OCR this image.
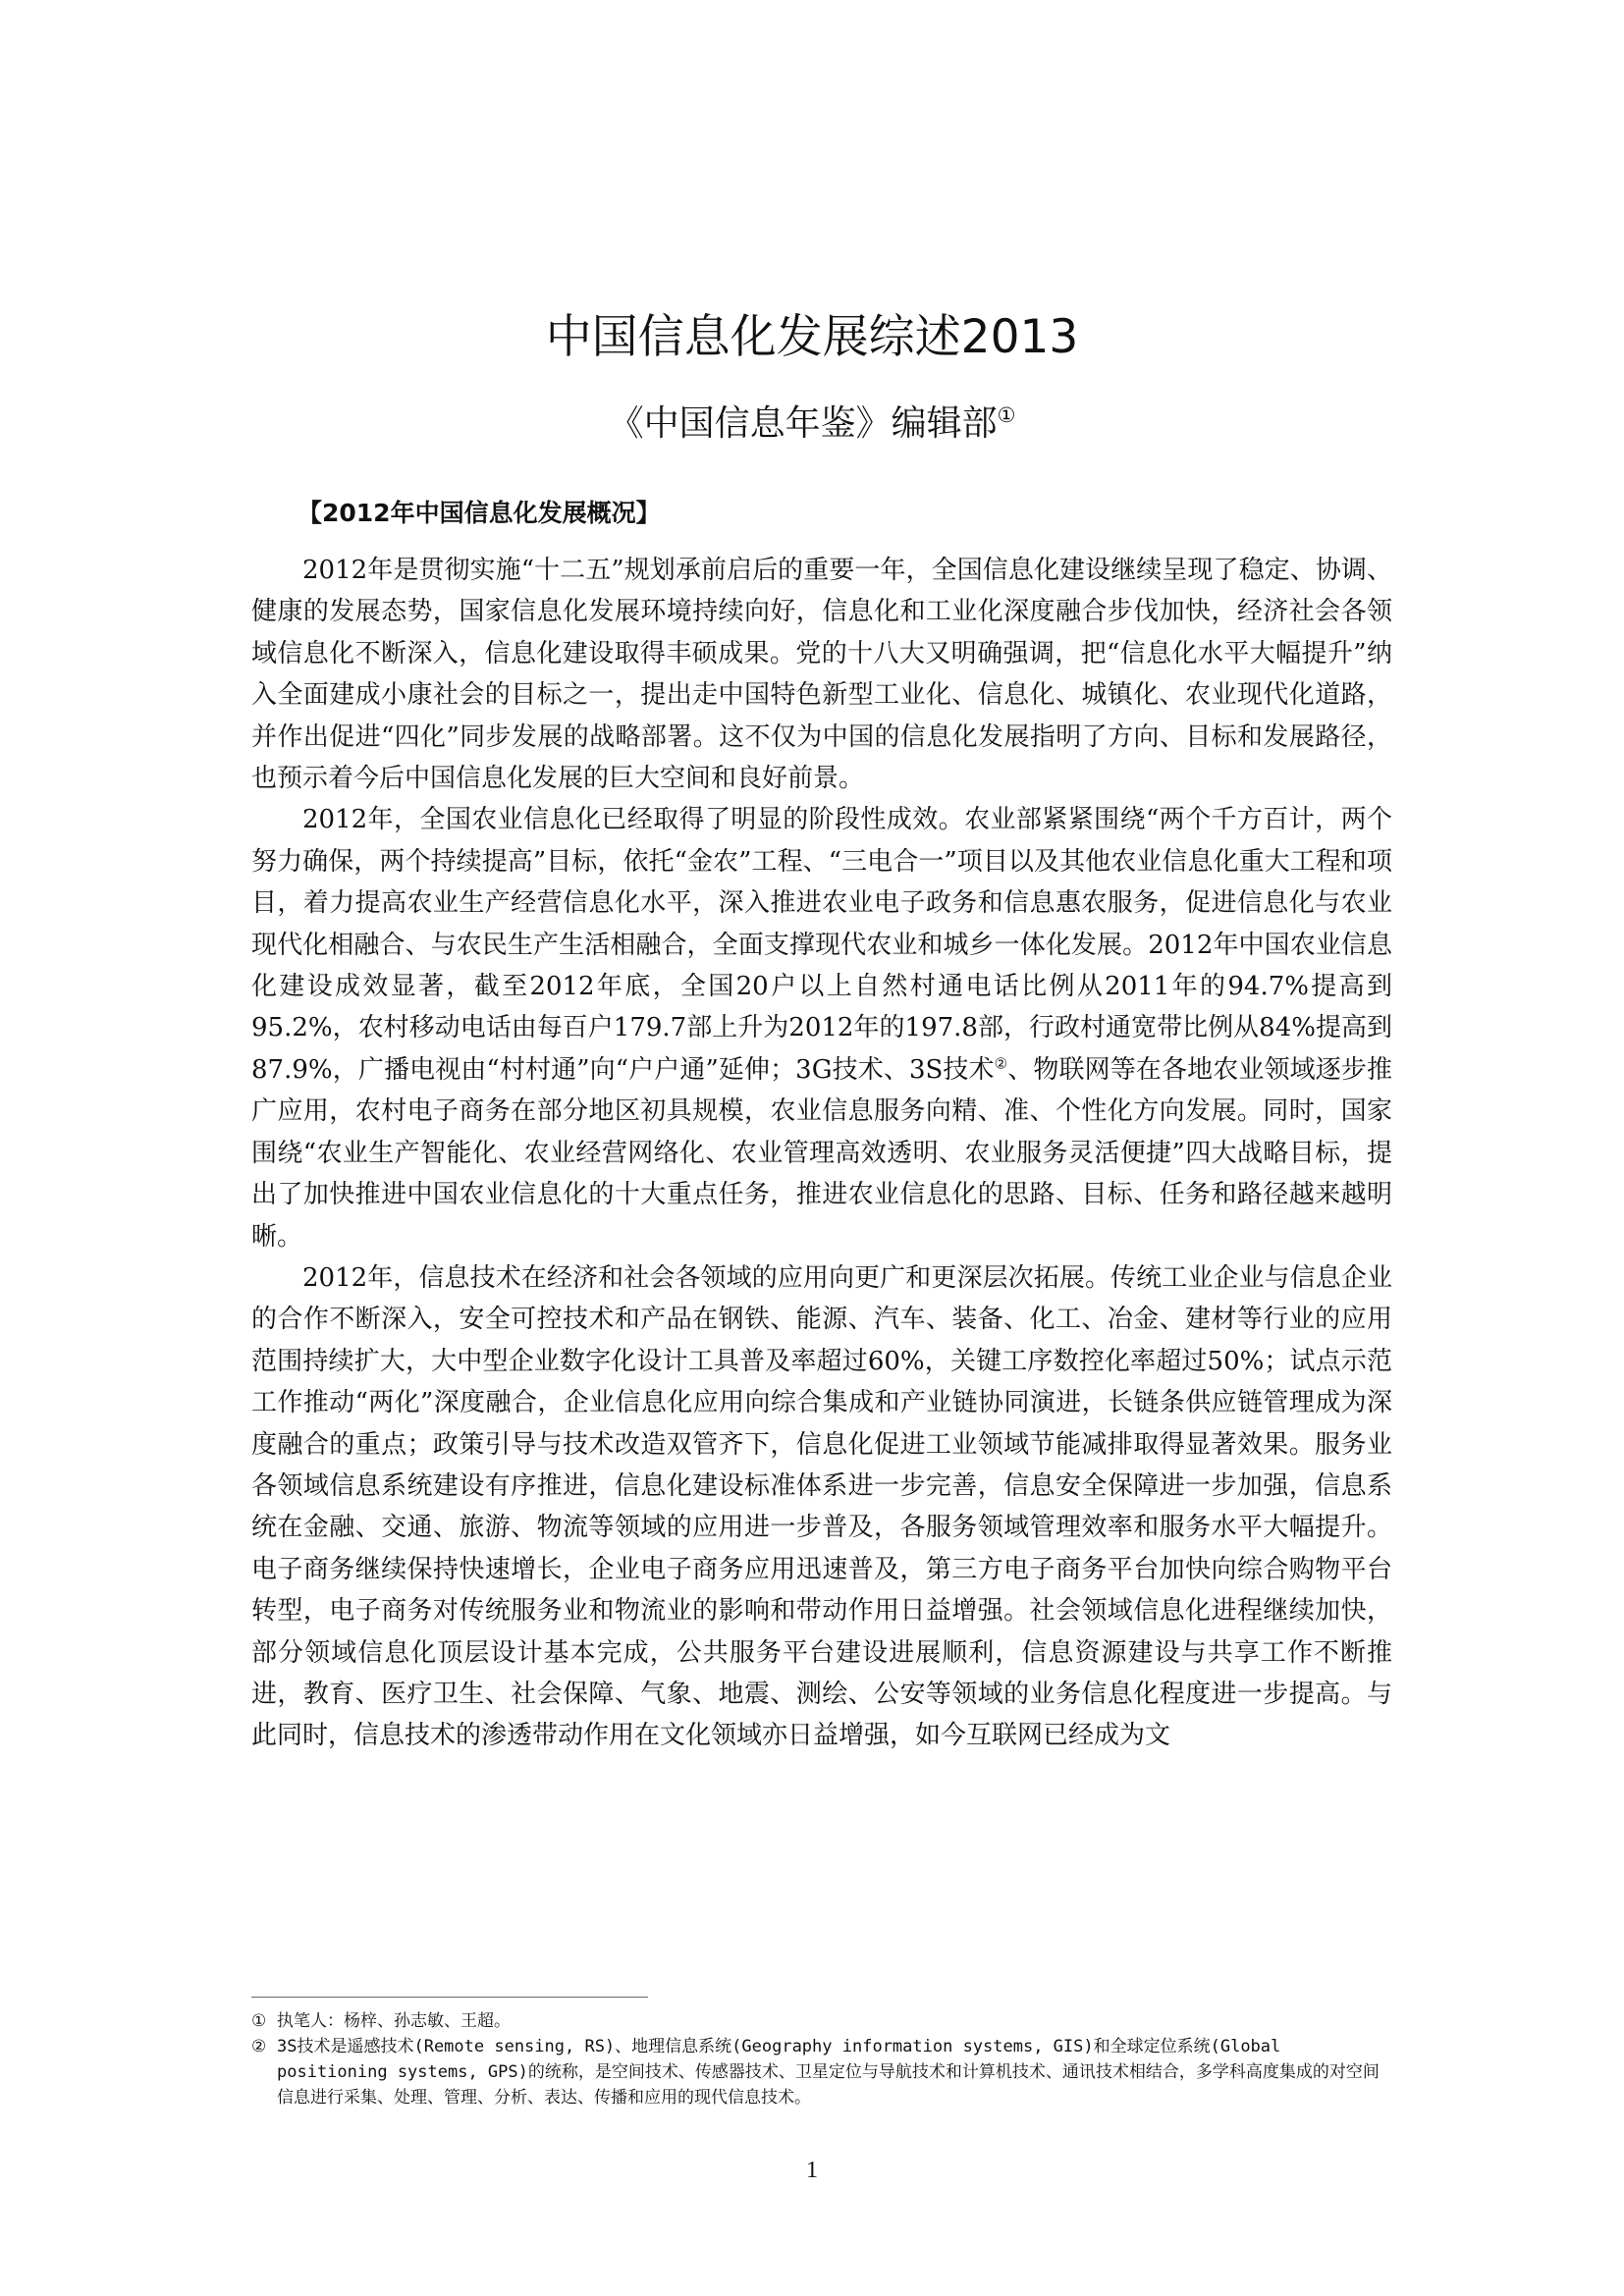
中国信息化发展综述2013
《中国信息年鉴》编辑部①
【2012年中国信息化发展概况】

2012年是贯彻实施“十二五”规划承前启后的重要一年，全国信息化建设继续呈现了稳定、协调、健康的发展态势，国家信息化发展环境持续向好，信息化和工业化深度融合步伐加快，经济社会各领域信息化不断深入，信息化建设取得丰硕成果。党的十八大又明确强调，把“信息化水平大幅提升”纳入全面建成小康社会的目标之一，提出走中国特色新型工业化、信息化、城镇化、农业现代化道路，并作出促进“四化”同步发展的战略部署。这不仅为中国的信息化发展指明了方向、目标和发展路径，也预示着今后中国信息化发展的巨大空间和良好前景。

2012年，全国农业信息化已经取得了明显的阶段性成效。农业部紧紧围绕“两个千方百计，两个努力确保，两个持续提高”目标，依托“金农”工程、“三电合一”项目以及其他农业信息化重大工程和项目，着力提高农业生产经营信息化水平，深入推进农业电子政务和信息惠农服务，促进信息化与农业现代化相融合、与农民生产生活相融合，全面支撑现代农业和城乡一体化发展。2012年中国农业信息化建设成效显著，截至2012年底，全国20户以上自然村通电话比例从2011年的94.7%提高到95.2%，农村移动电话由每百户179.7部上升为2012年的197.8部，行政村通宽带比例从84%提高到87.9%，广播电视由“村村通”向“户户通”延伸；3G技术、3S技术②、物联网等在各地农业领域逐步推广应用，农村电子商务在部分地区初具规模，农业信息服务向精、准、个性化方向发展。同时，国家围绕“农业生产智能化、农业经营网络化、农业管理高效透明、农业服务灵活便捷”四大战略目标，提出了加快推进中国农业信息化的十大重点任务，推进农业信息化的思路、目标、任务和路径越来越明晰。

2012年，信息技术在经济和社会各领域的应用向更广和更深层次拓展。传统工业企业与信息企业的合作不断深入，安全可控技术和产品在钢铁、能源、汽车、装备、化工、冶金、建材等行业的应用范围持续扩大，大中型企业数字化设计工具普及率超过60%，关键工序数控化率超过50%；试点示范工作推动“两化”深度融合，企业信息化应用向综合集成和产业链协同演进，长链条供应链管理成为深度融合的重点；政策引导与技术改造双管齐下，信息化促进工业领域节能减排取得显著效果。服务业各领域信息系统建设有序推进，信息化建设标准体系进一步完善，信息安全保障进一步加强，信息系统在金融、交通、旅游、物流等领域的应用进一步普及，各服务领域管理效率和服务水平大幅提升。电子商务继续保持快速增长，企业电子商务应用迅速普及，第三方电子商务平台加快向综合购物平台转型，电子商务对传统服务业和物流业的影响和带动作用日益增强。社会领域信息化进程继续加快，部分领域信息化顶层设计基本完成，公共服务平台建设进展顺利，信息资源建设与共享工作不断推进，教育、医疗卫生、社会保障、气象、地震、测绘、公安等领域的业务信息化程度进一步提高。与此同时，信息技术的渗透带动作用在文化领域亦日益增强，如今互联网已经成为文

① 执笔人：杨梓、孙志敏、王超。
② 3S技术是遥感技术(Remote sensing, RS)、地理信息系统(Geography information systems, GIS)和全球定位系统(Global positioning systems, GPS)的统称，是空间技术、传感器技术、卫星定位与导航技术和计算机技术、通讯技术相结合，多学科高度集成的对空间信息进行采集、处理、管理、分析、表达、传播和应用的现代信息技术。
1
